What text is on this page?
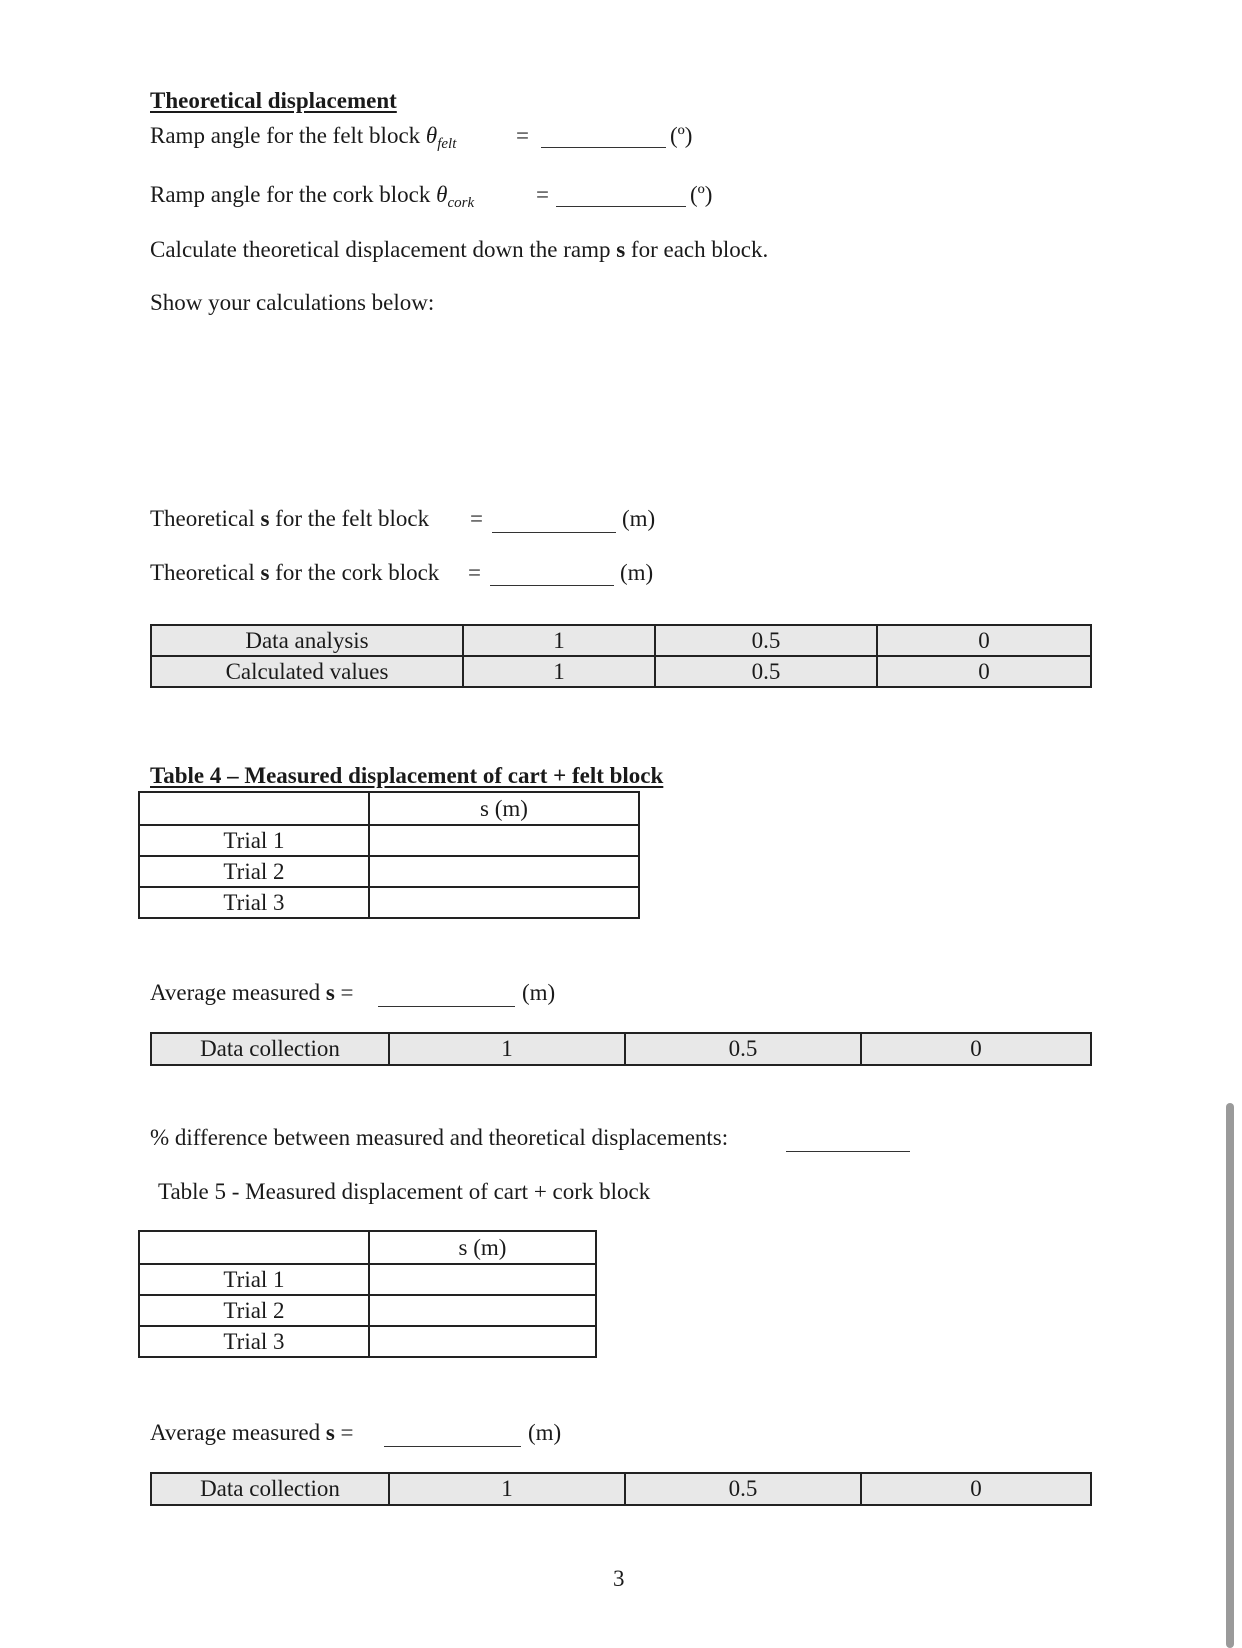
Theoretical displacement
Ramp angle for the felt block $\theta_{felt}$	=	(º)
Ramp angle for the cork block $\theta_{cork}$	=	(º)
Calculate theoretical displacement down the ramp s for each block.
Show your calculations below:
Theoretical s for the felt block =	(m)
Theoretical s for the cork block =	(m)
Data analysis	1	0.5	0
Calculated values	1	0.5	0
Table 4 – Measured displacement of cart + felt block
	s (m)
Trial 1	
Trial 2	
Trial 3	
Average measured s =	(m)
Data collection	1	0.5	0
% difference between measured and theoretical displacements:
Table 5 - Measured displacement of cart + cork block
	s (m)
Trial 1	
Trial 2	
Trial 3	
Average measured s =	(m)
Data collection	1	0.5	0
3
